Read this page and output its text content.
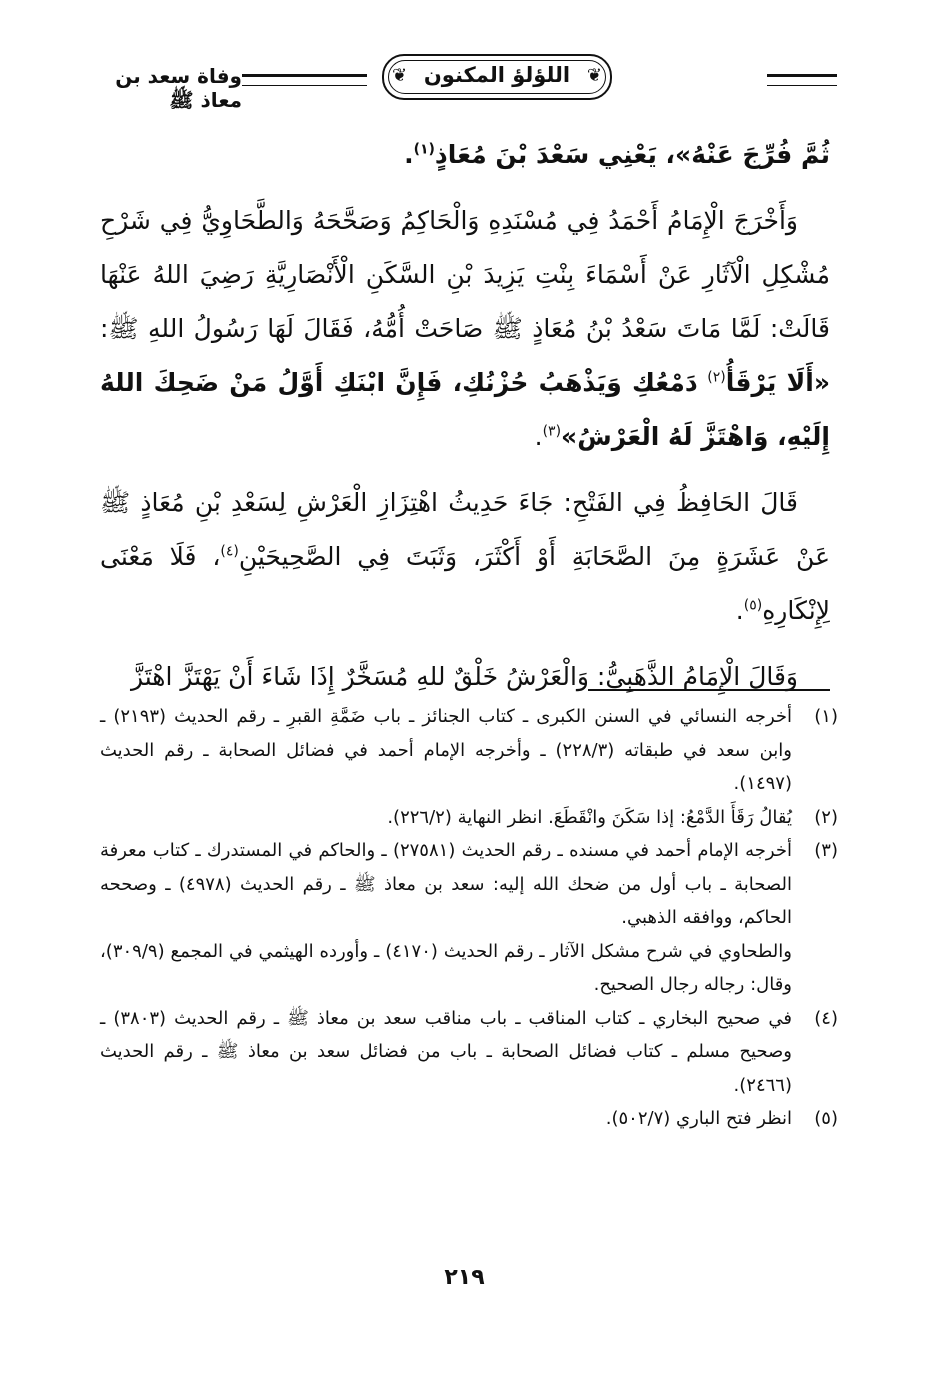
وفاة سعد بن معاذ ﷺ
❦	❦
اللؤلؤ المكنون

ثُمَّ فُرِّجَ عَنْهُ»، يَعْنِي سَعْدَ بْنَ مُعَاذٍ$^{(١)}$.

وَأَخْرَجَ الْإِمَامُ أَحْمَدُ فِي مُسْنَدِهِ وَالْحَاكِمُ وَصَحَّحَهُ وَالطَّحَاوِيُّ فِي شَرْحِ مُشْكِلِ الْآثَارِ عَنْ أَسْمَاءَ بِنْتِ يَزِيدَ بْنِ السَّكَنِ الْأَنْصَارِيَّةِ رَضِيَ اللهُ عَنْهَا قَالَتْ: لَمَّا مَاتَ سَعْدُ بْنُ مُعَاذٍ ﷺ صَاحَتْ أُمُّهُ، فَقَالَ لَهَا رَسُولُ اللهِ ﷺ: «أَلَا يَرْقَأُ$^{(٢)}$ دَمْعُكِ وَيَذْهَبُ حُزْنُكِ، فَإِنَّ ابْنَكِ أَوَّلُ مَنْ ضَحِكَ اللهُ إِلَيْهِ، وَاهْتَزَّ لَهُ الْعَرْشُ»$^{(٣)}$.

قَالَ الحَافِظُ فِي الفَتْحِ: جَاءَ حَدِيثُ اهْتِزَازِ الْعَرْشِ لِسَعْدِ بْنِ مُعَاذٍ ﷺ عَنْ عَشَرَةٍ مِنَ الصَّحَابَةِ أَوْ أَكْثَرَ، وَثَبَتَ فِي الصَّحِيحَيْنِ$^{(٤)}$، فَلَا مَعْنَى لِإِنْكَارِهِ$^{(٥)}$.

وَقَالَ الْإِمَامُ الذَّهَبِيُّ: وَالْعَرْشُ خَلْقٌ للهِ مُسَخَّرٌ إِذَا شَاءَ أَنْ يَهْتَزَّ اهْتَزَّ

(١)
أخرجه النسائي في السنن الكبرى ـ كتاب الجنائز ـ باب ضَمَّةِ القبرِ ـ رقم الحديث (٢١٩٣) ـ وابن سعد في طبقاته (٢٢٨/٣) ـ وأخرجه الإمام أحمد في فضائل الصحابة ـ رقم الحديث (١٤٩٧).
(٢)
يُقالُ رَقَأَ الدَّمْعُ: إذا سَكَنَ وانْقَطَعَ. انظر النهاية (٢٢٦/٢).
(٣)
أخرجه الإمام أحمد في مسنده ـ رقم الحديث (٢٧٥٨١) ـ والحاكم في المستدرك ـ كتاب معرفة الصحابة ـ باب أول من ضحك الله إليه: سعد بن معاذ ﷺ ـ رقم الحديث (٤٩٧٨) ـ وصححه الحاكم، ووافقه الذهبي.
والطحاوي في شرح مشكل الآثار ـ رقم الحديث (٤١٧٠) ـ وأورده الهيثمي في المجمع (٣٠٩/٩)، وقال: رجاله رجال الصحيح.
(٤)
في صحيح البخاري ـ كتاب المناقب ـ باب مناقب سعد بن معاذ ﷺ ـ رقم الحديث (٣٨٠٣) ـ وصحيح مسلم ـ كتاب فضائل الصحابة ـ باب من فضائل سعد بن معاذ ﷺ ـ رقم الحديث (٢٤٦٦).
(٥)
انظر فتح الباري (٥٠٢/٧).
٢١٩
